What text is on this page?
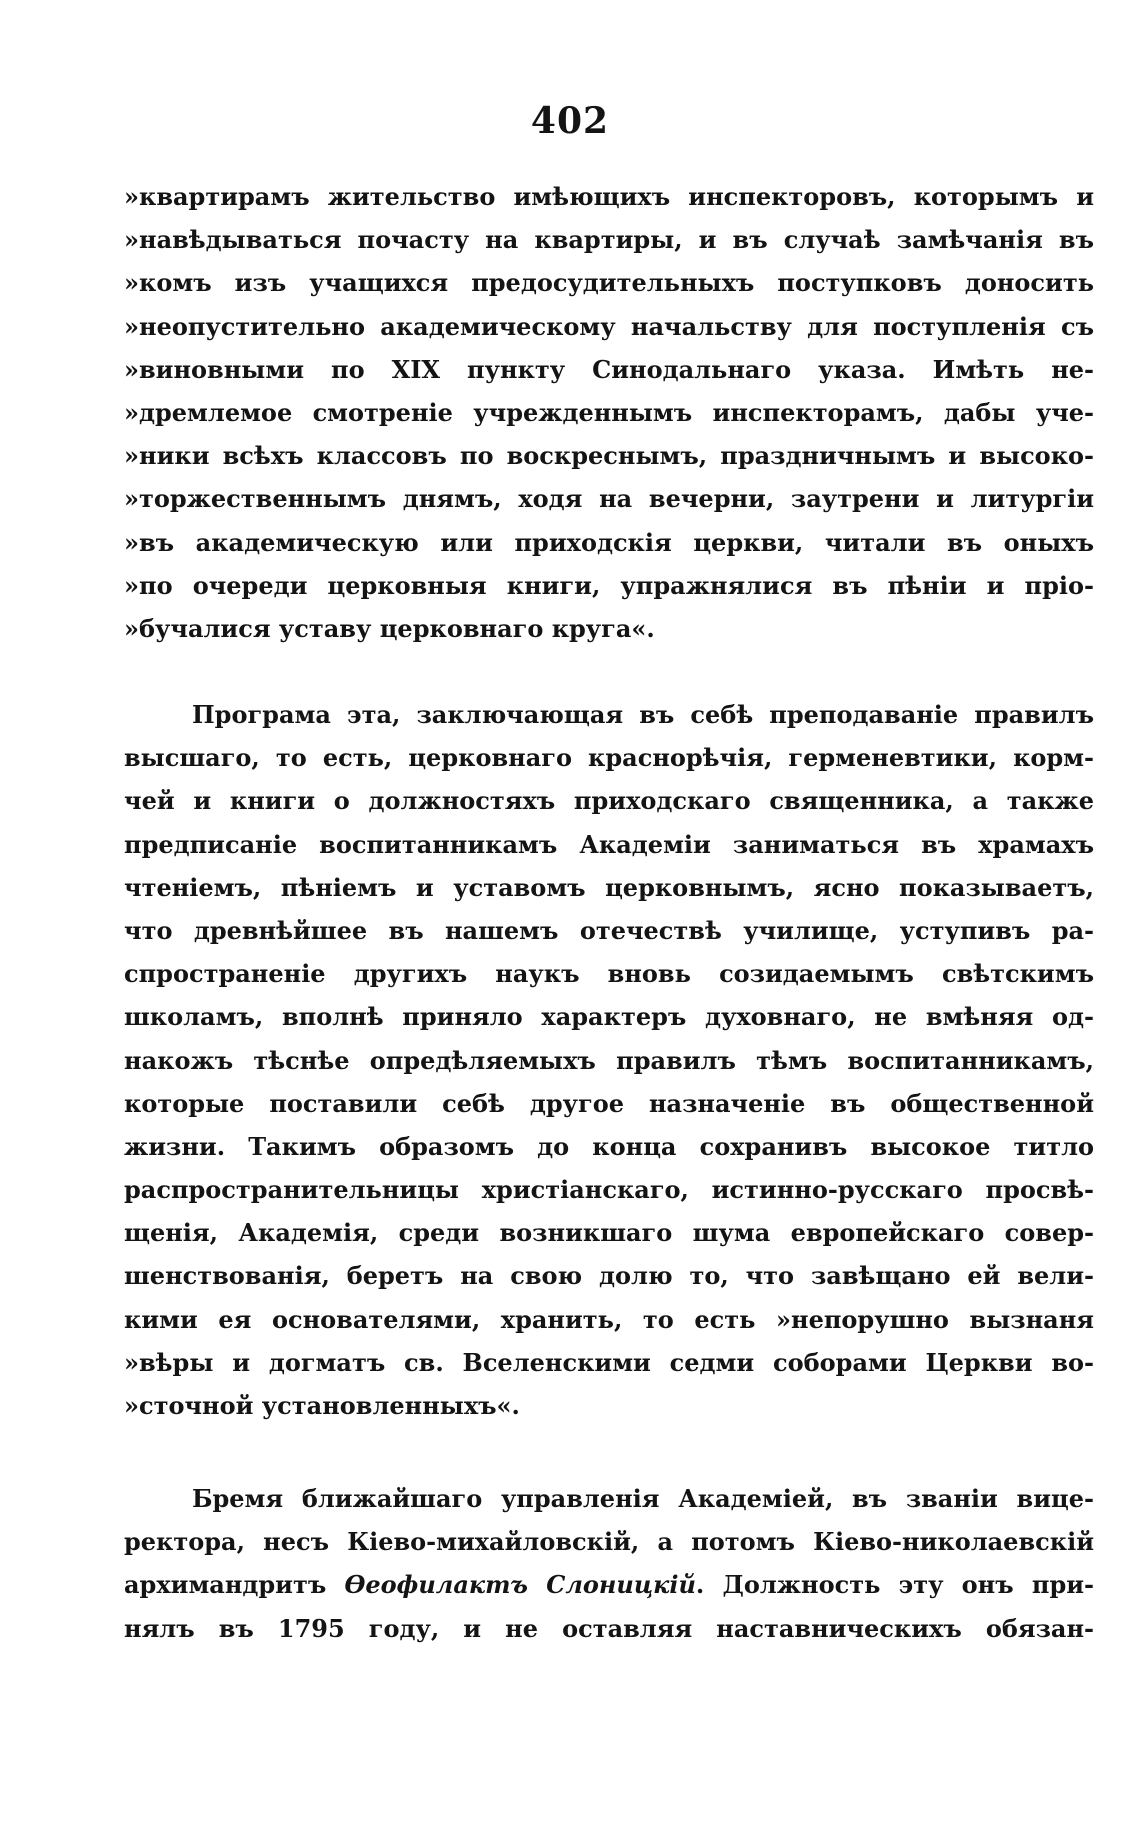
402
»квартирамъ жительство имѣющихъ инспекторовъ, которымъ и
»навѣдываться почасту на квартиры, и въ случаѣ замѣчанія въ
»комъ изъ учащихся предосудительныхъ поступковъ доносить
»неопустительно академическому начальству для поступленія съ
»виновными по XIX пункту Синодальнаго указа. Имѣть не-
»дремлемое смотреніе учрежденнымъ инспекторамъ, дабы уче-
»ники всѣхъ классовъ по воскреснымъ, праздничнымъ и высоко-
»торжественнымъ днямъ, ходя на вечерни, заутрени и литургіи
»въ академическую или приходскія церкви, читали въ оныхъ
»по очереди церковныя книги, упражнялися въ пѣніи и пріо-
»бучалися уставу церковнаго круга«.
Програма эта, заключающая въ себѣ преподаваніе правилъ
высшаго, то есть, церковнаго краснорѣчія, герменевтики, корм-
чей и книги о должностяхъ приходскаго священника, а также
предписаніе воспитанникамъ Академіи заниматься въ храмахъ
чтеніемъ, пѣніемъ и уставомъ церковнымъ, ясно показываетъ,
что древнѣйшее въ нашемъ отечествѣ училище, уступивъ ра-
спространеніе другихъ наукъ вновь созидаемымъ свѣтскимъ
школамъ, вполнѣ приняло характеръ духовнаго, не вмѣняя од-
накожъ тѣснѣе опредѣляемыхъ правилъ тѣмъ воспитанникамъ,
которые поставили себѣ другое назначеніе въ общественной
жизни. Такимъ образомъ до конца сохранивъ высокое титло
распространительницы христіанскаго, истинно-русскаго просвѣ-
щенія, Академія, среди возникшаго шума европейскаго совер-
шенствованія, беретъ на свою долю то, что завѣщано ей вели-
кими ея основателями, хранить, то есть »непорушно вызнаня
»вѣры и догматъ св. Вселенскими седми соборами Церкви во-
»сточной установленныхъ«.
Бремя ближайшаго управленія Академіей, въ званіи вице-
ректора, несъ Кіево-михайловскій, а потомъ Кіево-николаевскій
архимандритъ Ѳеофилактъ Слоницкій. Должность эту онъ при-
нялъ въ 1795 году, и не оставляя наставническихъ обязан-
